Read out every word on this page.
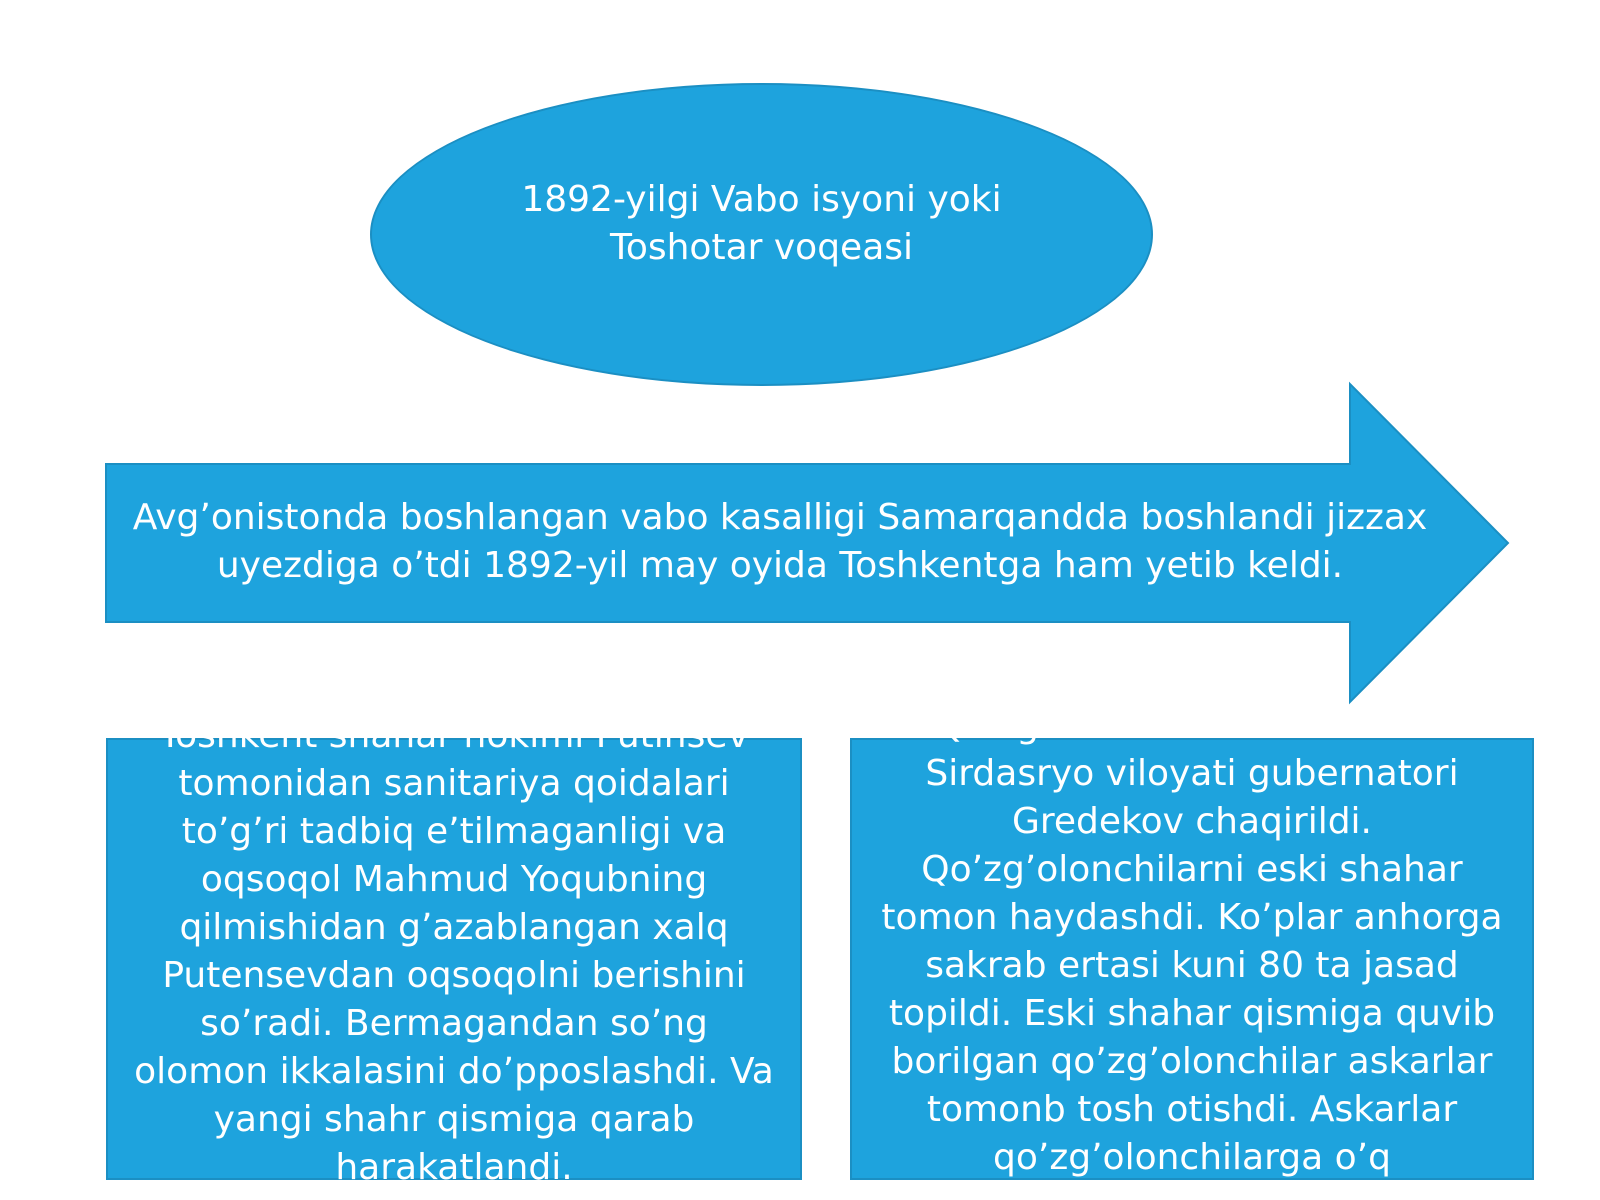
1892-yilgi Vabo isyoni yoki Toshotar voqeasi
Avg’onistonda boshlangan vabo kasalligi Samarqandda boshlandi jizzax uyezdiga o’tdi 1892-yil may oyida Toshkentga ham yetib keldi.
Toshkent shahar hokimi Putinsev tomonidan sanitariya qoidalari to’g’ri tadbiq e’tilmaganligi va oqsoqol Mahmud Yoqubning qilmishidan g’azablangan xalq Putensevdan oqsoqolni berishini so’radi. Bermagandan so’ng olomon ikkalasini do’pposlashdi. Va yangi shahr qismiga qarab harakatlandi.
Qo’zg’olonni bostirish uchun Sirdasryo viloyati gubernatori Gredekov chaqirildi. Qo’zg’olonchilarni eski shahar tomon haydashdi. Ko’plar anhorga sakrab ertasi kuni 80 ta jasad topildi. Eski shahar qismiga quvib borilgan qo’zg’olonchilar askarlar tomonb tosh otishdi. Askarlar qo’zg’olonchilarga o’q
